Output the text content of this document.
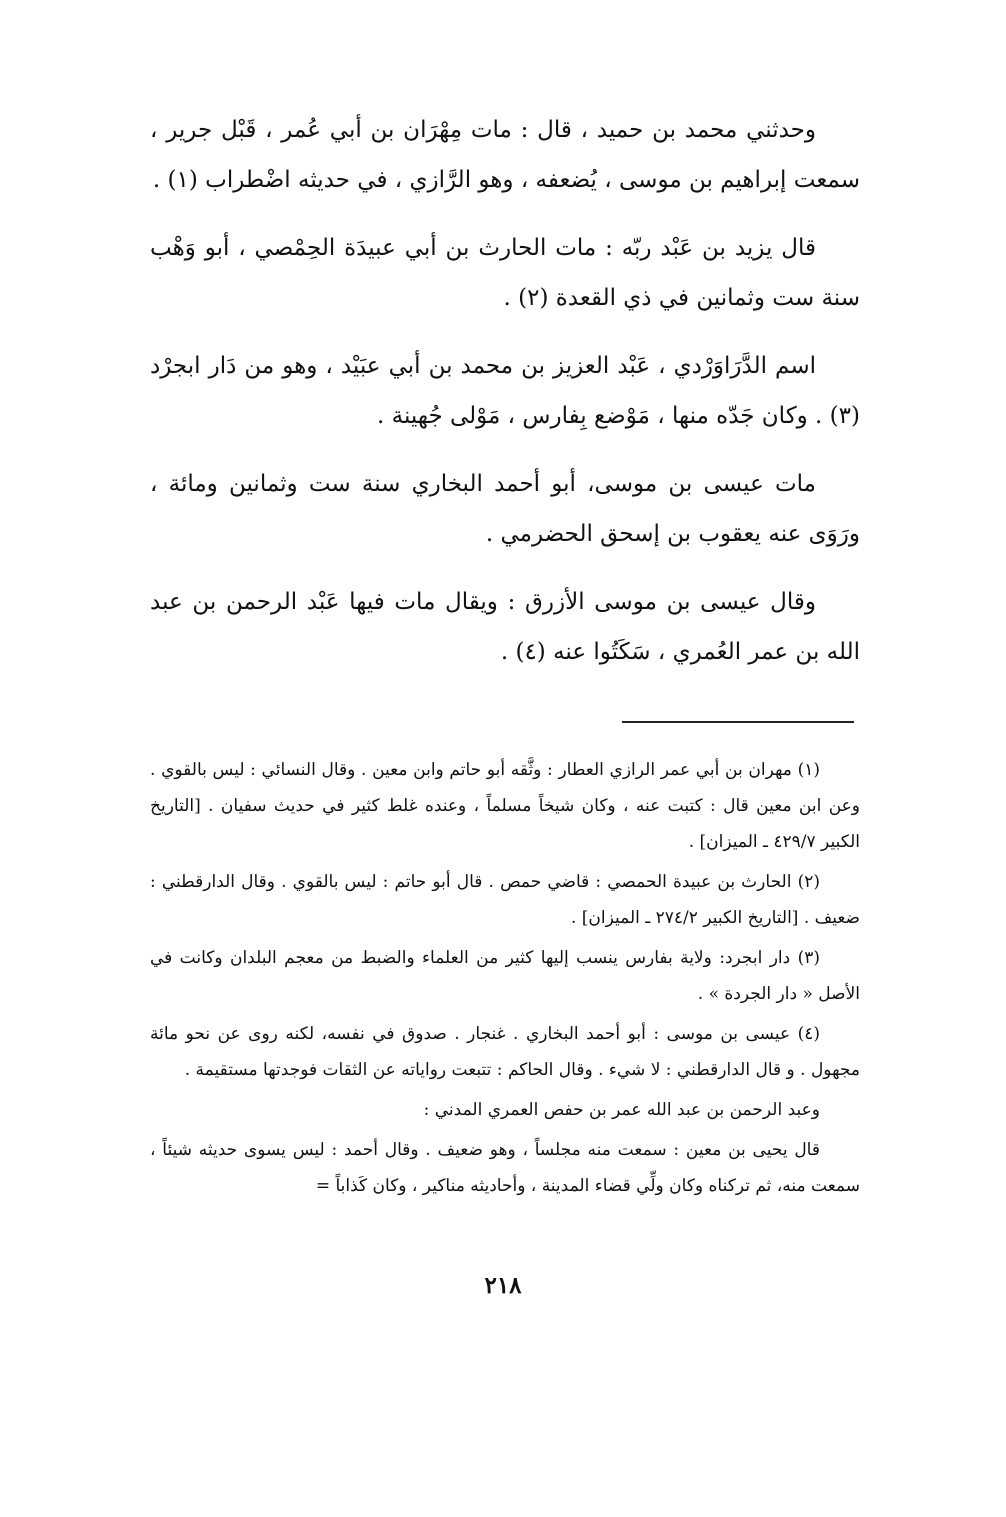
وحدثني محمد بن حميد ، قال : مات مِهْرَان بن أبي عُمر ، قَبْل جرير ، سمعت إبراهيم بن موسى ، يُضعفه ، وهو الرَّازي ، في حديثه اضْطراب (١) .

قال يزيد بن عَبْد ربّه : مات الحارث بن أبي عبيدَة الحِمْصي ، أبو وَهْب سنة ست وثمانين في ذي القعدة (٢) .

اسم الدَّرَاوَرْدي ، عَبْد العزيز بن محمد بن أبي عبَيْد ، وهو من دَار ابجرْد (٣) . وكان جَدّه منها ، مَوْضع بِفارس ، مَوْلى جُهينة .

مات عيسى بن موسى، أبو أحمد البخاري سنة ست وثمانين ومائة ، ورَوَى عنه يعقوب بن إسحق الحضرمي .

وقال عيسى بن موسى الأزرق : ويقال مات فيها عَبْد الرحمن بن عبد الله بن عمر العُمري ، سَكَتُوا عنه (٤) .

(١) مهران بن أبي عمر الرازي العطار : وثَّقه أبو حاتم وابن معين . وقال النسائي : ليس بالقوي . وعن ابن معين قال : كتبت عنه ، وكان شيخاً مسلماً ، وعنده غلط كثير في حديث سفيان . [التاريخ الكبير ٤٢٩/٧ ـ الميزان] .

(٢) الحارث بن عبيدة الحمصي : قاضي حمص . قال أبو حاتم : ليس بالقوي . وقال الدارقطني : ضعيف . [التاريخ الكبير ٢٧٤/٢ ـ الميزان] .

(٣) دار ابجرد: ولاية بفارس ينسب إليها كثير من العلماء والضبط من معجم البلدان وكانت في الأصل « دار الجردة » .

(٤) عيسى بن موسى : أبو أحمد البخاري . غنجار . صدوق في نفسه، لكنه روى عن نحو مائة مجهول . و قال الدارقطني : لا شيء . وقال الحاكم : تتبعت رواياته عن الثقات فوجدتها مستقيمة .

وعبد الرحمن بن عبد الله عمر بن حفص العمري المدني :

قال يحيى بن معين : سمعت منه مجلساً ، وهو ضعيف . وقال أحمد : ليس يسوى حديثه شيئاً ، سمعت منه، ثم تركناه وكان ولِّي قضاء المدينة ، وأحاديثه مناكير ، وكان كَذاباً =

٢١٨
